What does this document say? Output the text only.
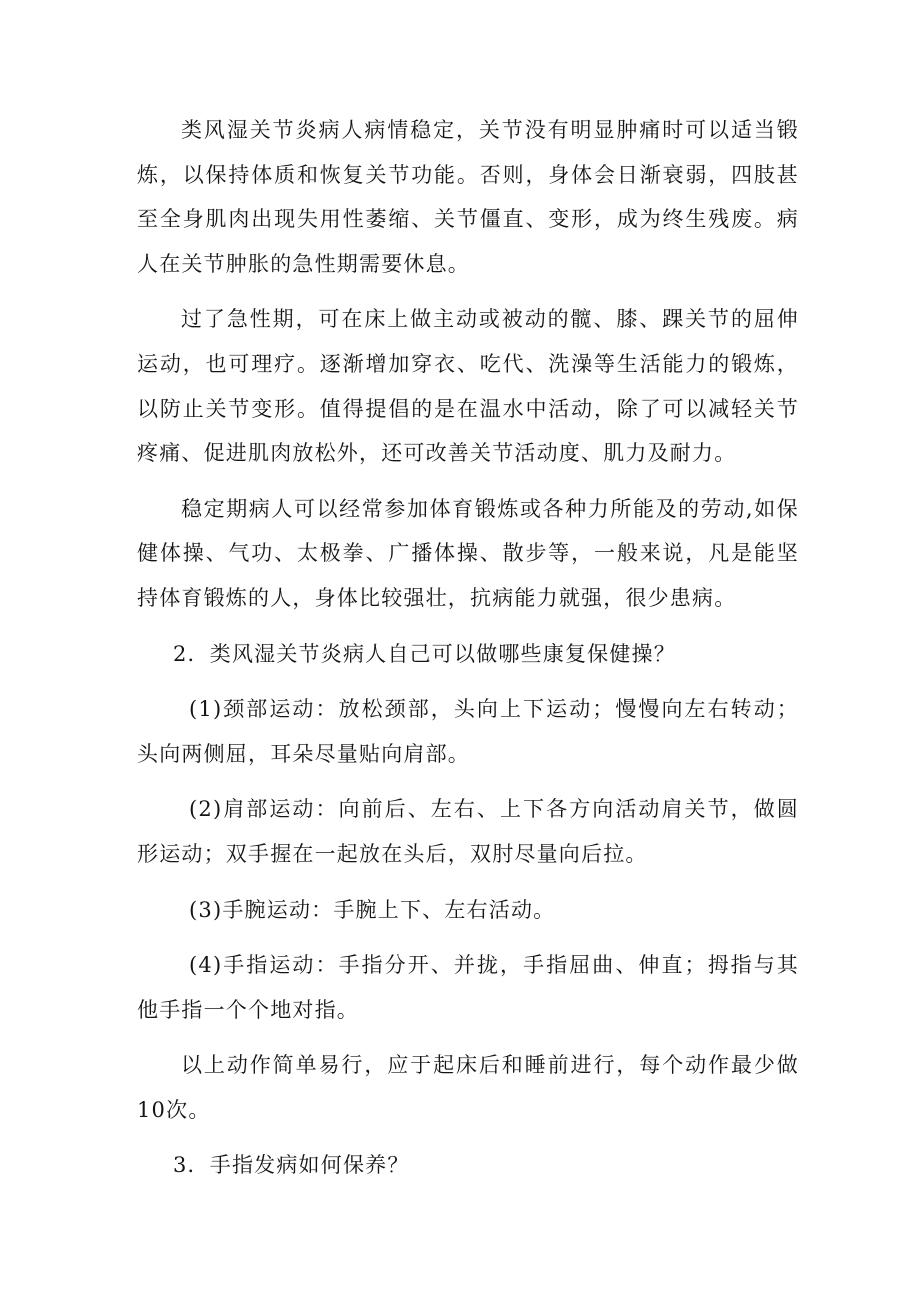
类风湿关节炎病人病情稳定，关节没有明显肿痛时可以适当锻炼，以保持体质和恢复关节功能。否则，身体会日渐衰弱，四肢甚至全身肌肉出现失用性萎缩、关节僵直、变形，成为终生残废。病人在关节肿胀的急性期需要休息。

过了急性期，可在床上做主动或被动的髋、膝、踝关节的屈伸运动，也可理疗。逐渐增加穿衣、吃代、洗澡等生活能力的锻炼，以防止关节变形。值得提倡的是在温水中活动，除了可以减轻关节疼痛、促进肌肉放松外，还可改善关节活动度、肌力及耐力。

稳定期病人可以经常参加体育锻炼或各种力所能及的劳动,如保健体操、气功、太极拳、广播体操、散步等，一般来说，凡是能坚持体育锻炼的人，身体比较强壮，抗病能力就强，很少患病。

2．类风湿关节炎病人自己可以做哪些康复保健操？

(1)颈部运动：放松颈部，头向上下运动；慢慢向左右转动；头向两侧屈，耳朵尽量贴向肩部。

(2)肩部运动：向前后、左右、上下各方向活动肩关节，做圆形运动；双手握在一起放在头后，双肘尽量向后拉。

(3)手腕运动：手腕上下、左右活动。

(4)手指运动：手指分开、并拢，手指屈曲、伸直；拇指与其他手指一个个地对指。

以上动作简单易行，应于起床后和睡前进行，每个动作最少做10次。

3．手指发病如何保养？
